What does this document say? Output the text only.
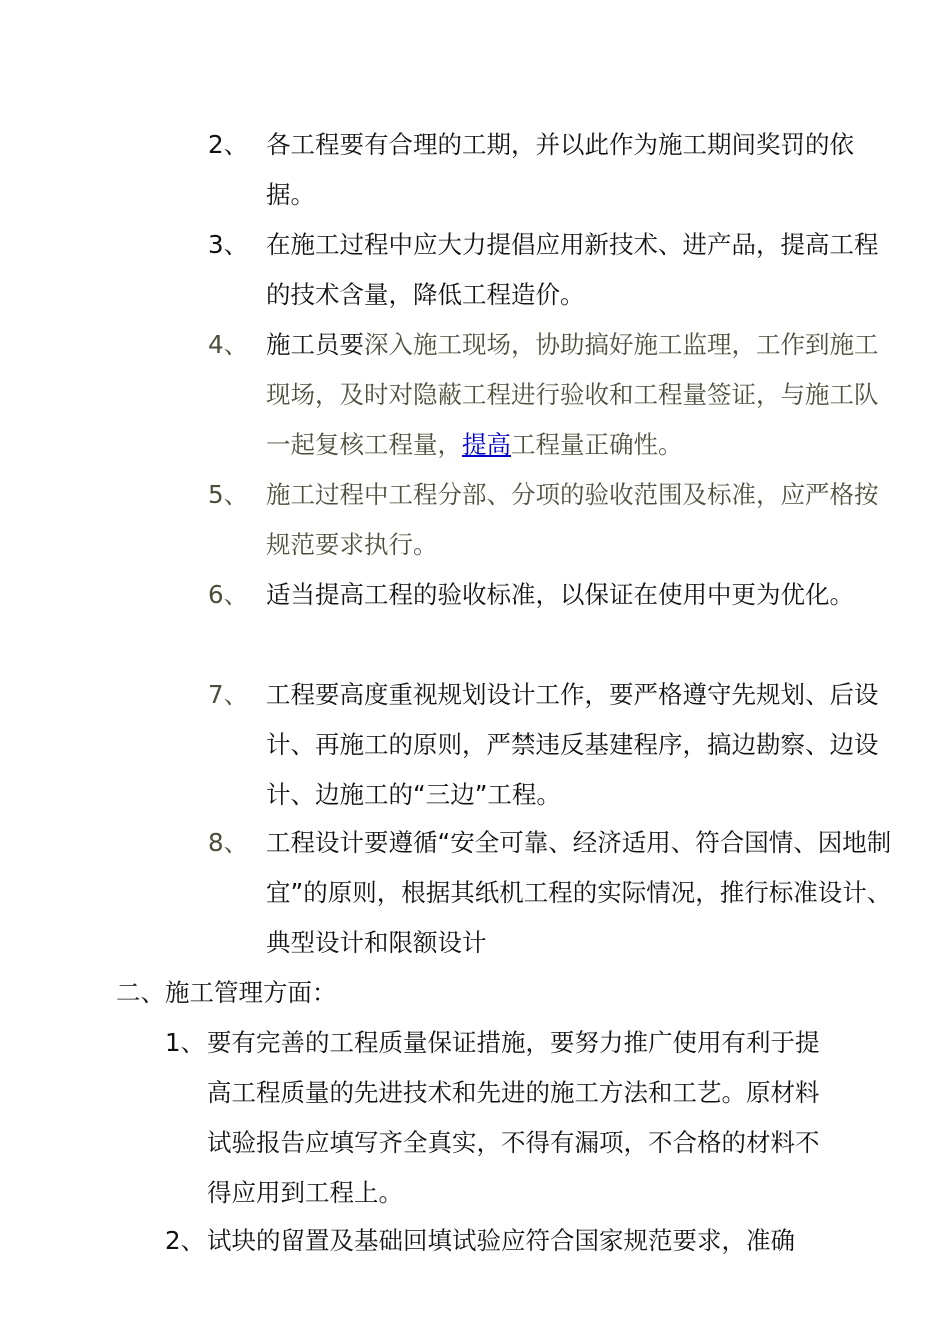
2、 各工程要有合理的工期，并以此作为施工期间奖罚的依据。
3、 在施工过程中应大力提倡应用新技术、进产品，提高工程的技术含量，降低工程造价。
4、 施工员要深入施工现场，协助搞好施工监理，工作到施工现场，及时对隐蔽工程进行验收和工程量签证，与施工队一起复核工程量，提高工程量正确性。
5、 施工过程中工程分部、分项的验收范围及标准，应严格按规范要求执行。
6、 适当提高工程的验收标准，以保证在使用中更为优化。
7、 工程要高度重视规划设计工作，要严格遵守先规划、后设计、再施工的原则，严禁违反基建程序，搞边勘察、边设计、边施工的“三边”工程。
8、 工程设计要遵循“安全可靠、经济适用、符合国情、因地制宜”的原则，根据其纸机工程的实际情况，推行标准设计、典型设计和限额设计
二、施工管理方面：
1、 要有完善的工程质量保证措施，要努力推广使用有利于提高工程质量的先进技术和先进的施工方法和工艺。原材料试验报告应填写齐全真实，不得有漏项，不合格的材料不得应用到工程上。
2、 试块的留置及基础回填试验应符合国家规范要求，准确
